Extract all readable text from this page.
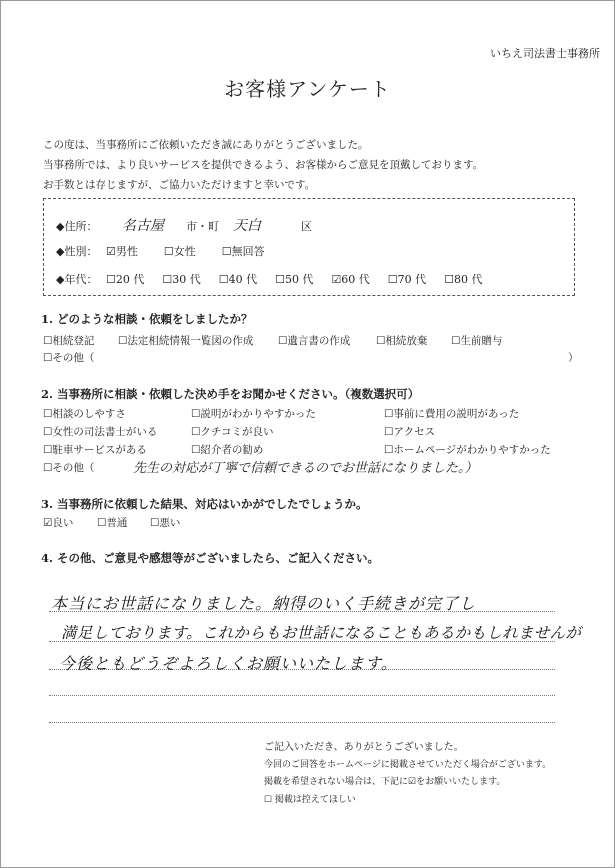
いちえ司法書士事務所
お客様アンケート
この度は、当事務所にご依頼いただき誠にありがとうございました。
当事務所では、より良いサービスを提供できるよう、お客様からご意見を頂戴しております。
お手数とは存じますが、ご協力いただけますと幸いです。
◆住所：	名古屋 市・町 天白	区
◆性別： ☑男性 ☐女性 ☐無回答
◆年代： ☐20 代 ☐30 代 ☐40 代 ☐50 代 ☑60 代 ☐70 代 ☐80 代
1. どのような相談・依頼をしましたか？
☐相続登記 ☐法定相続情報一覧図の作成 ☐遺言書の作成 ☐相続放棄 ☐生前贈与
☐その他（	）
2. 当事務所に相談・依頼した決め手をお聞かせください。（複数選択可）
☐相談のしやすさ	☐説明がわかりやすかった	☐事前に費用の説明があった
☐女性の司法書士がいる	☐クチコミが良い	☐アクセス
☐駐車サービスがある	☐紹介者の勧め	☐ホームページがわかりやすかった
☐その他（	先生の対応が丁寧で信頼できるのでお世話になりました。）
3. 当事務所に依頼した結果、対応はいかがでしたでしょうか。
☑良い ☐普通 ☐悪い
4. その他、ご意見や感想等がございましたら、ご記入ください。
本当にお世話になりました。納得のいく手続きが完了し
満足しております。これからもお世話になることもあるかもしれませんが
今後ともどうぞよろしくお願いいたします。
ご記入いただき、ありがとうございました。
今回のご回答をホームページに掲載させていただく場合がございます。
掲載を希望されない場合は、下記に☑をお願いいたします。
☐ 掲載は控えてほしい
